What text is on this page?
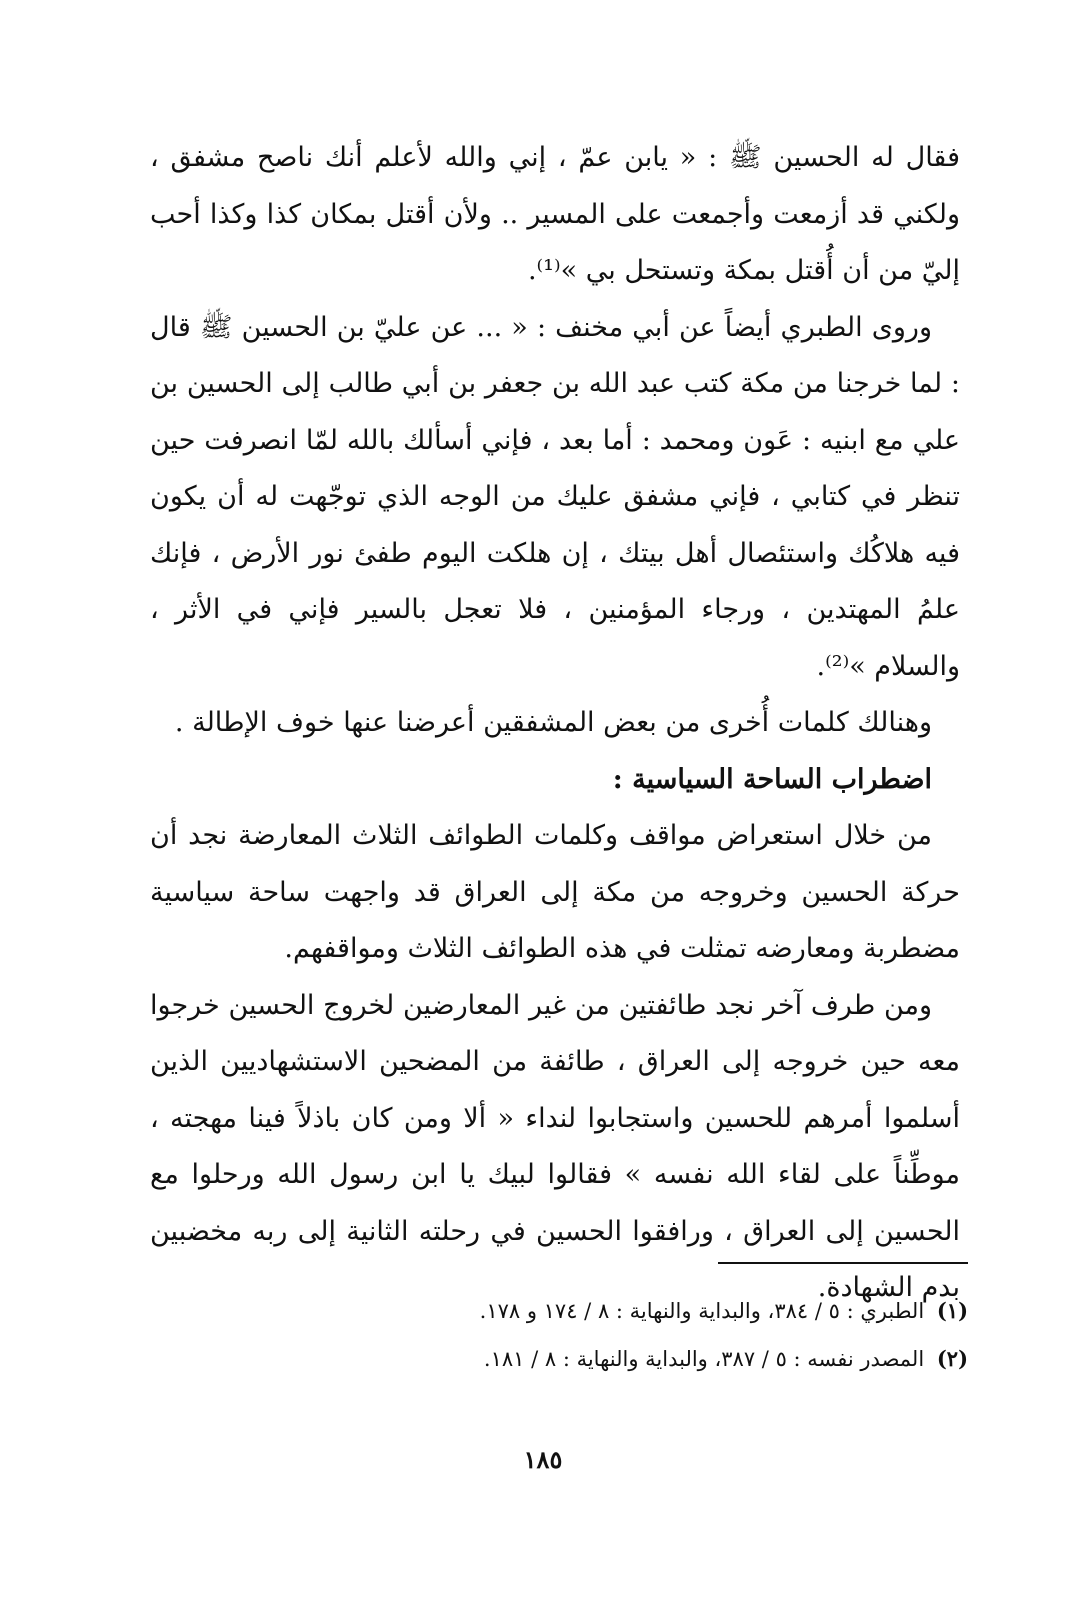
فقال له الحسين ﷺ : « يابن عمّ ، إني والله لأعلم أنك ناصح مشفق ، ولكني قد أزمعت وأجمعت على المسير .. ولأن أقتل بمكان كذا وكذا أحب إليّ من أن أُقتل بمكة وتستحل بي »⁽¹⁾.

وروى الطبري أيضاً عن أبي مخنف : « ... عن عليّ بن الحسين ﷺ قال : لما خرجنا من مكة كتب عبد الله بن جعفر بن أبي طالب إلى الحسين بن علي مع ابنيه : عَون ومحمد : أما بعد ، فإني أسألك بالله لمّا انصرفت حين تنظر في كتابي ، فإني مشفق عليك من الوجه الذي توجّهت له أن يكون فيه هلاكُك واستئصال أهل بيتك ، إن هلكت اليوم طفئ نور الأرض ، فإنك علمُ المهتدين ، ورجاء المؤمنين ، فلا تعجل بالسير فإني في الأثر ، والسلام »⁽²⁾.

وهنالك كلمات أُخرى من بعض المشفقين أعرضنا عنها خوف الإطالة .

اضطراب الساحة السياسية :

من خلال استعراض مواقف وكلمات الطوائف الثلاث المعارضة نجد أن حركة الحسين وخروجه من مكة إلى العراق قد واجهت ساحة سياسية مضطربة ومعارضه تمثلت في هذه الطوائف الثلاث ومواقفهم.

ومن طرف آخر نجد طائفتين من غير المعارضين لخروج الحسين خرجوا معه حين خروجه إلى العراق ، طائفة من المضحين الاستشهاديين الذين أسلموا أمرهم للحسين واستجابوا لنداء « ألا ومن كان باذلاً فينا مهجته ، موطِّناً على لقاء الله نفسه » فقالوا لبيك يا ابن رسول الله ورحلوا مع الحسين إلى العراق ، ورافقوا الحسين في رحلته الثانية إلى ربه مخضبين بدم الشهادة.

(١) الطبري : ٥ / ٣٨٤، والبداية والنهاية : ٨ / ١٧٤ و ١٧٨.

(٢) المصدر نفسه : ٥ / ٣٨٧، والبداية والنهاية : ٨ / ١٨١.

١٨٥
